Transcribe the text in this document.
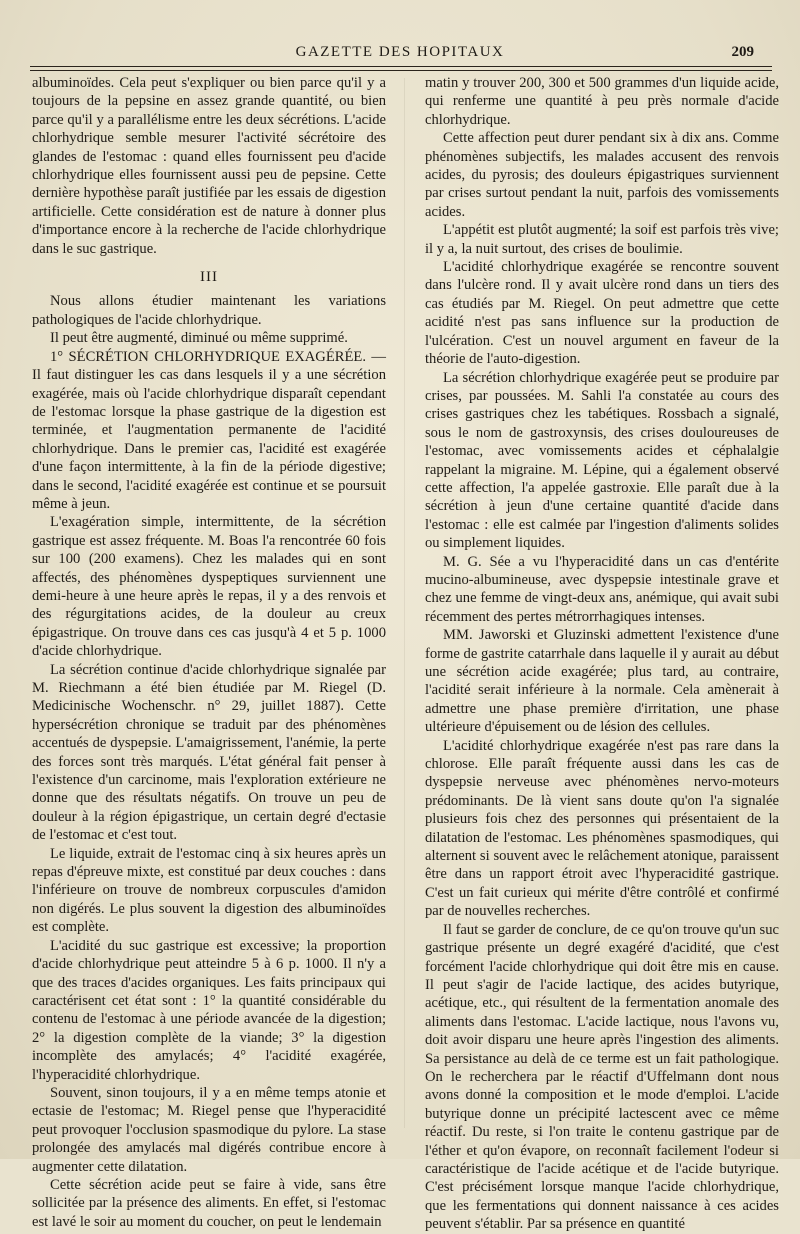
GAZETTE DES HOPITAUX	209

albuminoïdes. Cela peut s'expliquer ou bien parce qu'il y a toujours de la pepsine en assez grande quantité, ou bien parce qu'il y a parallélisme entre les deux sécrétions. L'acide chlorhydrique semble mesurer l'activité sécrétoire des glandes de l'estomac : quand elles fournissent peu d'acide chlorhydrique elles fournissent aussi peu de pepsine. Cette dernière hypothèse paraît justifiée par les essais de digestion artificielle. Cette considération est de nature à donner plus d'importance encore à la recherche de l'acide chlorhydrique dans le suc gastrique.

III

Nous allons étudier maintenant les variations pathologiques de l'acide chlorhydrique.

Il peut être augmenté, diminué ou même supprimé.

1° SÉCRÉTION CHLORHYDRIQUE EXAGÉRÉE. — Il faut distinguer les cas dans lesquels il y a une sécrétion exagérée, mais où l'acide chlorhydrique disparaît cependant de l'estomac lorsque la phase gastrique de la digestion est terminée, et l'augmentation permanente de l'acidité chlorhydrique. Dans le premier cas, l'acidité est exagérée d'une façon intermittente, à la fin de la période digestive; dans le second, l'acidité exagérée est continue et se poursuit même à jeun.

L'exagération simple, intermittente, de la sécrétion gastrique est assez fréquente. M. Boas l'a rencontrée 60 fois sur 100 (200 examens). Chez les malades qui en sont affectés, des phénomènes dyspeptiques surviennent une demi-heure à une heure après le repas, il y a des renvois et des régurgitations acides, de la douleur au creux épigastrique. On trouve dans ces cas jusqu'à 4 et 5 p. 1000 d'acide chlorhydrique.

La sécrétion continue d'acide chlorhydrique signalée par M. Riechmann a été bien étudiée par M. Riegel (D. Medicinische Wochenschr. n° 29, juillet 1887). Cette hypersécrétion chronique se traduit par des phénomènes accentués de dyspepsie. L'amaigrissement, l'anémie, la perte des forces sont très marqués. L'état général fait penser à l'existence d'un carcinome, mais l'exploration extérieure ne donne que des résultats négatifs. On trouve un peu de douleur à la région épigastrique, un certain degré d'ectasie de l'estomac et c'est tout.

Le liquide, extrait de l'estomac cinq à six heures après un repas d'épreuve mixte, est constitué par deux couches : dans l'inférieure on trouve de nombreux corpuscules d'amidon non digérés. Le plus souvent la digestion des albuminoïdes est complète.

L'acidité du suc gastrique est excessive; la proportion d'acide chlorhydrique peut atteindre 5 à 6 p. 1000. Il n'y a que des traces d'acides organiques. Les faits principaux qui caractérisent cet état sont : 1° la quantité considérable du contenu de l'estomac à une période avancée de la digestion; 2° la digestion complète de la viande; 3° la digestion incomplète des amylacés; 4° l'acidité exagérée, l'hyperacidité chlorhydrique.

Souvent, sinon toujours, il y a en même temps atonie et ectasie de l'estomac; M. Riegel pense que l'hyperacidité peut provoquer l'occlusion spasmodique du pylore. La stase prolongée des amylacés mal digérés contribue encore à augmenter cette dilatation.

Cette sécrétion acide peut se faire à vide, sans être sollicitée par la présence des aliments. En effet, si l'estomac est lavé le soir au moment du coucher, on peut le lendemain

matin y trouver 200, 300 et 500 grammes d'un liquide acide, qui renferme une quantité à peu près normale d'acide chlorhydrique.

Cette affection peut durer pendant six à dix ans. Comme phénomènes subjectifs, les malades accusent des renvois acides, du pyrosis; des douleurs épigastriques surviennent par crises surtout pendant la nuit, parfois des vomissements acides.

L'appétit est plutôt augmenté; la soif est parfois très vive; il y a, la nuit surtout, des crises de boulimie.

L'acidité chlorhydrique exagérée se rencontre souvent dans l'ulcère rond. Il y avait ulcère rond dans un tiers des cas étudiés par M. Riegel. On peut admettre que cette acidité n'est pas sans influence sur la production de l'ulcération. C'est un nouvel argument en faveur de la théorie de l'auto-digestion.

La sécrétion chlorhydrique exagérée peut se produire par crises, par poussées. M. Sahli l'a constatée au cours des crises gastriques chez les tabétiques. Rossbach a signalé, sous le nom de gastroxynsis, des crises douloureuses de l'estomac, avec vomissements acides et céphalalgie rappelant la migraine. M. Lépine, qui a également observé cette affection, l'a appelée gastroxie. Elle paraît due à la sécrétion à jeun d'une certaine quantité d'acide dans l'estomac : elle est calmée par l'ingestion d'aliments solides ou simplement liquides.

M. G. Sée a vu l'hyperacidité dans un cas d'entérite mucino-albumineuse, avec dyspepsie intestinale grave et chez une femme de vingt-deux ans, anémique, qui avait subi récemment des pertes métrorrhagiques intenses.

MM. Jaworski et Gluzinski admettent l'existence d'une forme de gastrite catarrhale dans laquelle il y aurait au début une sécrétion acide exagérée; plus tard, au contraire, l'acidité serait inférieure à la normale. Cela amènerait à admettre une phase première d'irritation, une phase ultérieure d'épuisement ou de lésion des cellules.

L'acidité chlorhydrique exagérée n'est pas rare dans la chlorose. Elle paraît fréquente aussi dans les cas de dyspepsie nerveuse avec phénomènes nervo-moteurs prédominants. De là vient sans doute qu'on l'a signalée plusieurs fois chez des personnes qui présentaient de la dilatation de l'estomac. Les phénomènes spasmodiques, qui alternent si souvent avec le relâchement atonique, paraissent être dans un rapport étroit avec l'hyperacidité gastrique. C'est un fait curieux qui mérite d'être contrôlé et confirmé par de nouvelles recherches.

Il faut se garder de conclure, de ce qu'on trouve qu'un suc gastrique présente un degré exagéré d'acidité, que c'est forcément l'acide chlorhydrique qui doit être mis en cause. Il peut s'agir de l'acide lactique, des acides butyrique, acétique, etc., qui résultent de la fermentation anomale des aliments dans l'estomac. L'acide lactique, nous l'avons vu, doit avoir disparu une heure après l'ingestion des aliments. Sa persistance au delà de ce terme est un fait pathologique. On le recherchera par le réactif d'Uffelmann dont nous avons donné la composition et le mode d'emploi. L'acide butyrique donne un précipité lactescent avec ce même réactif. Du reste, si l'on traite le contenu gastrique par de l'éther et qu'on évapore, on reconnaît facilement l'odeur si caractéristique de l'acide acétique et de l'acide butyrique. C'est précisément lorsque manque l'acide chlorhydrique, que les fermentations qui donnent naissance à ces acides peuvent s'établir. Par sa présence en quantité
